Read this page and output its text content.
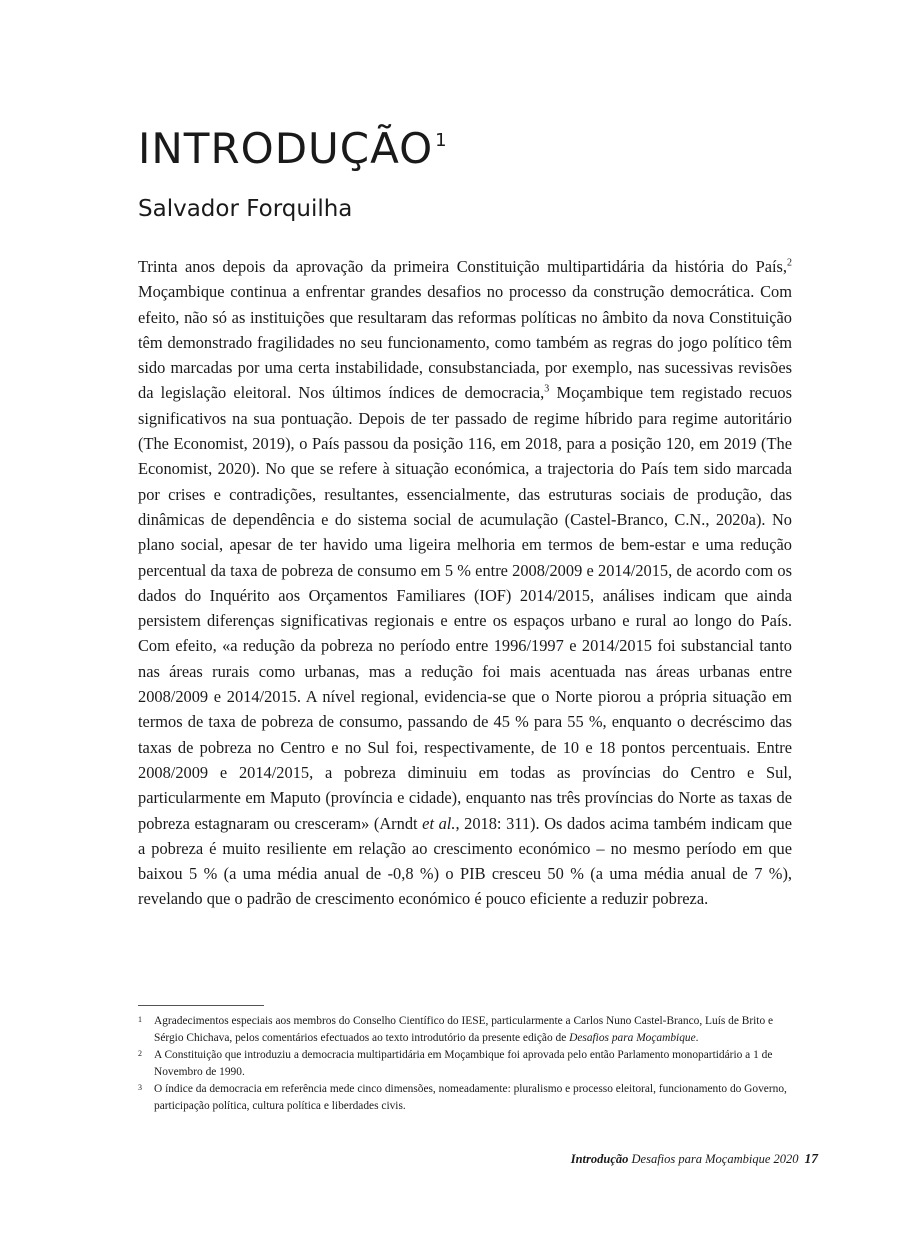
INTRODUÇÃO $^1$
Salvador Forquilha

Trinta anos depois da aprovação da primeira Constituição multipartidária da história do País,$^2$ Moçambique continua a enfrentar grandes desafios no processo da construção democrática. Com efeito, não só as instituições que resultaram das reformas políticas no âmbito da nova Constituição têm demonstrado fragilidades no seu funcionamento, como também as regras do jogo político têm sido marcadas por uma certa instabilidade, consubstanciada, por exemplo, nas sucessivas revisões da legislação eleitoral. Nos últimos índices de democracia,$^3$ Moçambique tem registado recuos significativos na sua pontuação. Depois de ter passado de regime híbrido para regime autoritário (The Economist, 2019), o País passou da posição 116, em 2018, para a posição 120, em 2019 (The Economist, 2020). No que se refere à situação económica, a trajectoria do País tem sido marcada por crises e contradições, resultantes, essencialmente, das estruturas sociais de produção, das dinâmicas de dependência e do sistema social de acumulação (Castel-Branco, C.N., 2020a). No plano social, apesar de ter havido uma ligeira melhoria em termos de bem-estar e uma redução percentual da taxa de pobreza de consumo em 5 % entre 2008/2009 e 2014/2015, de acordo com os dados do Inquérito aos Orçamentos Familiares (IOF) 2014/2015, análises indicam que ainda persistem diferenças significativas regionais e entre os espaços urbano e rural ao longo do País. Com efeito, «a redução da pobreza no período entre 1996/1997 e 2014/2015 foi substancial tanto nas áreas rurais como urbanas, mas a redução foi mais acentuada nas áreas urbanas entre 2008/2009 e 2014/2015. A nível regional, evidencia-se que o Norte piorou a própria situação em termos de taxa de pobreza de consumo, passando de 45 % para 55 %, enquanto o decréscimo das taxas de pobreza no Centro e no Sul foi, respectivamente, de 10 e 18 pontos percentuais. Entre 2008/2009 e 2014/2015, a pobreza diminuiu em todas as províncias do Centro e Sul, particularmente em Maputo (província e cidade), enquanto nas três províncias do Norte as taxas de pobreza estagnaram ou cresceram» (Arndt et al., 2018: 311). Os dados acima também indicam que a pobreza é muito resiliente em relação ao crescimento económico – no mesmo período em que baixou 5 % (a uma média anual de -0,8 %) o PIB cresceu 50 % (a uma média anual de 7 %), revelando que o padrão de crescimento económico é pouco eficiente a reduzir pobreza.

1 Agradecimentos especiais aos membros do Conselho Científico do IESE, particularmente a Carlos Nuno Castel-Branco, Luís de Brito e Sérgio Chichava, pelos comentários efectuados ao texto introdutório da presente edição de Desafios para Moçambique.

2 A Constituição que introduziu a democracia multipartidária em Moçambique foi aprovada pelo então Parlamento monopartidário a 1 de Novembro de 1990.

3 O índice da democracia em referência mede cinco dimensões, nomeadamente: pluralismo e processo eleitoral, funcionamento do Governo, participação política, cultura política e liberdades civis.

Introdução Desafios para Moçambique 2020 17
